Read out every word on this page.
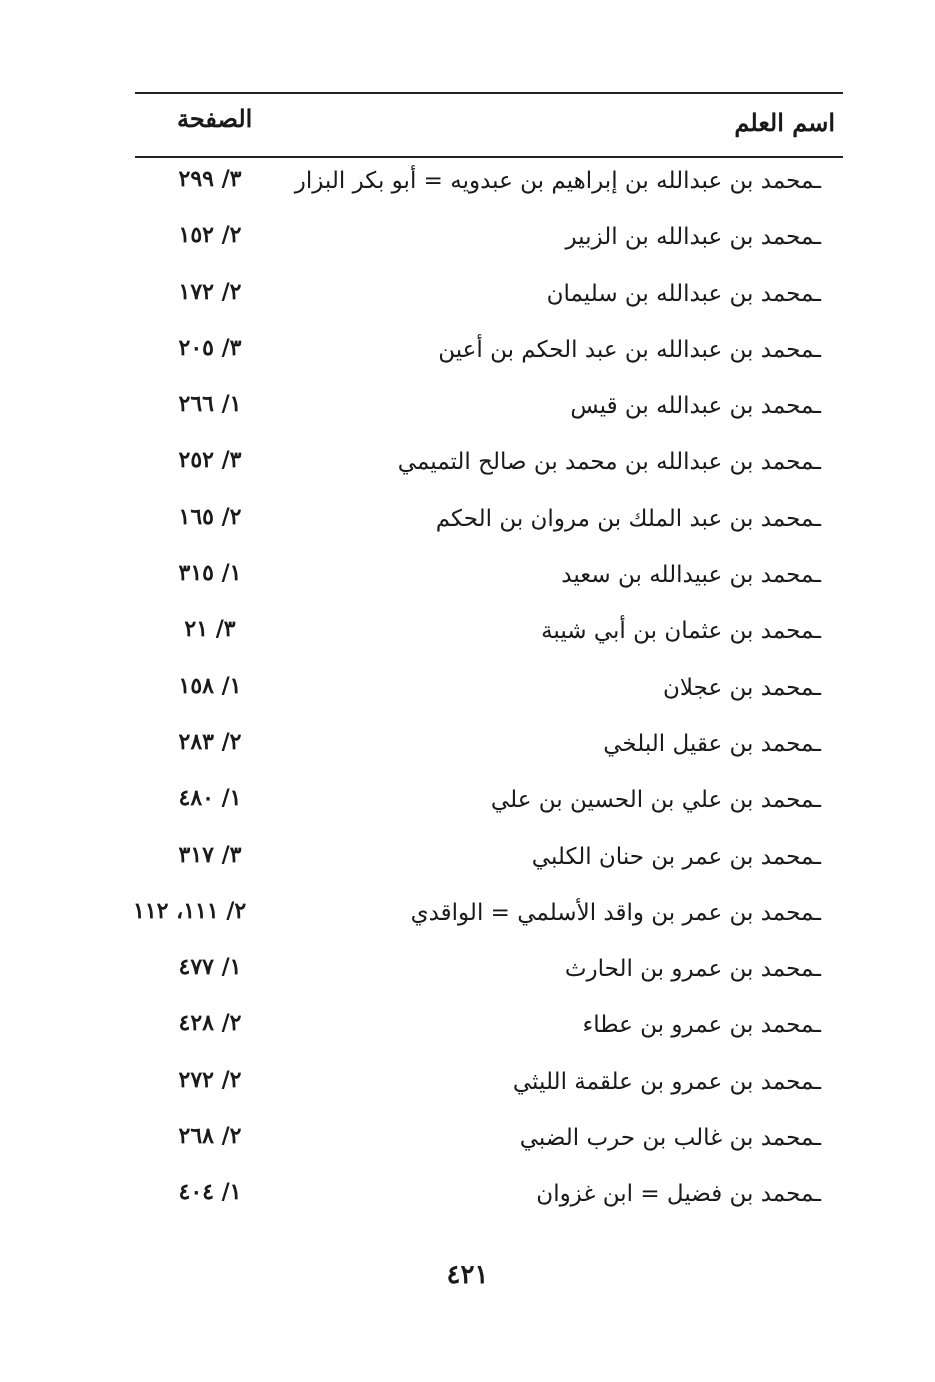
اسم العلم
الصفحة
ـمحمد بن عبدالله بن إبراهيم بن عبدويه = أبو بكر البزار
٣/ ٢٩٩
ـمحمد بن عبدالله بن الزبير
٢/ ١٥٢
ـمحمد بن عبدالله بن سليمان
٢/ ١٧٢
ـمحمد بن عبدالله بن عبد الحكم بن أعين
٣/ ٢٠٥
ـمحمد بن عبدالله بن قيس
١/ ٢٦٦
ـمحمد بن عبدالله بن محمد بن صالح التميمي
٣/ ٢٥٢
ـمحمد بن عبد الملك بن مروان بن الحكم
٢/ ١٦٥
ـمحمد بن عبيدالله بن سعيد
١/ ٣١٥
ـمحمد بن عثمان بن أبي شيبة
٣/ ٢١
ـمحمد بن عجلان
١/ ١٥٨
ـمحمد بن عقيل البلخي
٢/ ٢٨٣
ـمحمد بن علي بن الحسين بن علي
١/ ٤٨٠
ـمحمد بن عمر بن حنان الكلبي
٣/ ٣١٧
ـمحمد بن عمر بن واقد الأسلمي = الواقدي
٢/ ١١١، ١١٢
ـمحمد بن عمرو بن الحارث
١/ ٤٧٧
ـمحمد بن عمرو بن عطاء
٢/ ٤٢٨
ـمحمد بن عمرو بن علقمة الليثي
٢/ ٢٧٢
ـمحمد بن غالب بن حرب الضبي
٢/ ٢٦٨
ـمحمد بن فضيل = ابن غزوان
١/ ٤٠٤
٤٢١
